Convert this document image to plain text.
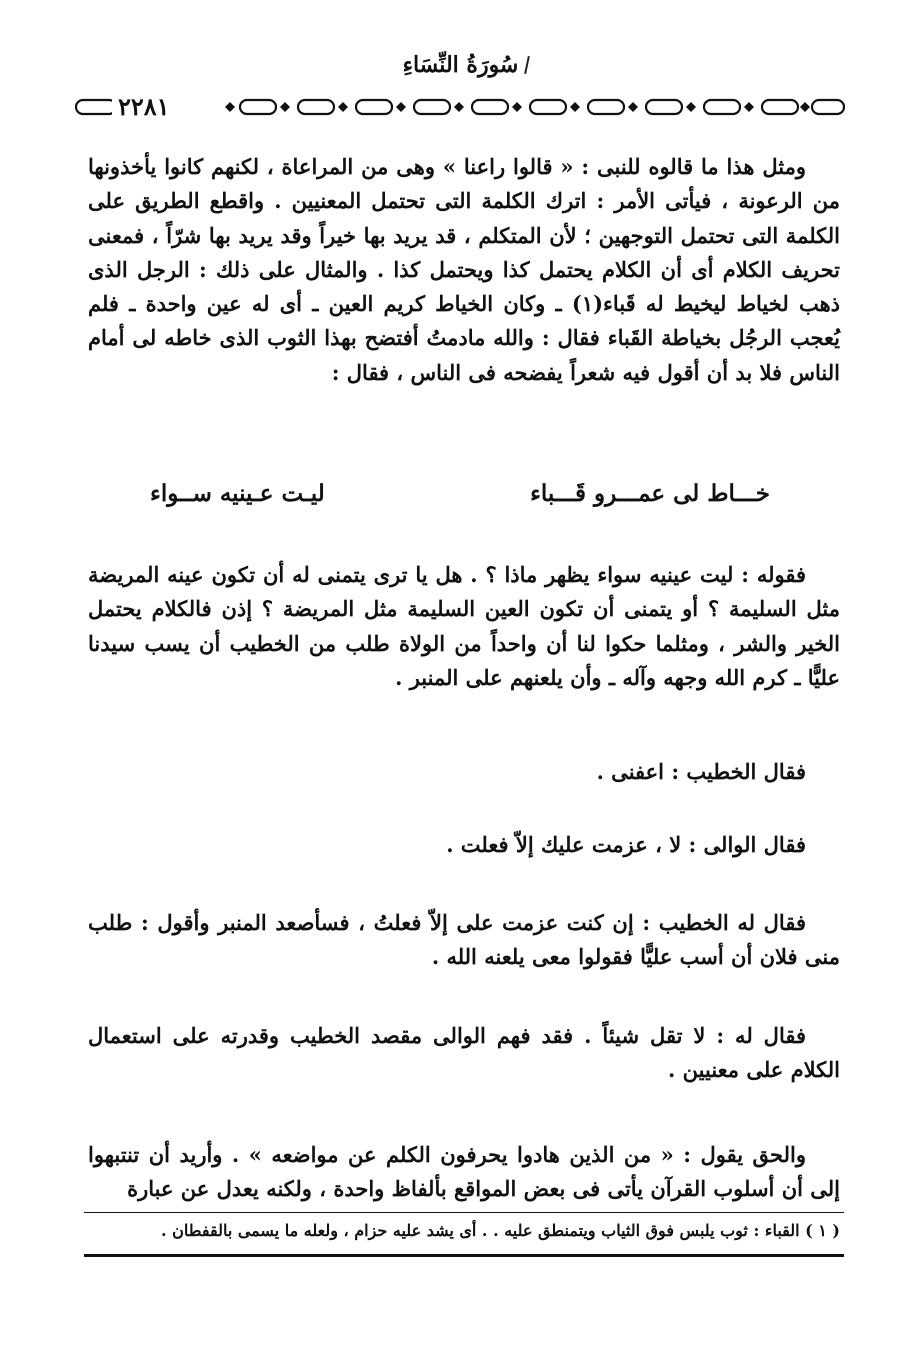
سُورَةُ النِّسَاءِ
٢٢٨١

ومثل هذا ما قالوه للنبى : « قالوا راعنا » وهى من المراعاة ، لكنهم كانوا يأخذونها من الرعونة ، فيأتى الأمر : اترك الكلمة التى تحتمل المعنيين . واقطع الطريق على الكلمة التى تحتمل التوجهين ؛ لأن المتكلم ، قد يريد بها خيراً وقد يريد بها شرّاً ، فمعنى تحريف الكلام أى أن الكلام يحتمل كذا ويحتمل كذا . والمثال على ذلك : الرجل الذى ذهب لخياط ليخيط له قَباء(١) ـ وكان الخياط كريم العين ـ أى له عين واحدة ـ فلم يُعجب الرجُل بخياطة القَباء فقال : والله مادمتُ أفتضح بهذا الثوب الذى خاطه لى أمام الناس فلا بد أن أقول فيه شعراً يفضحه فى الناس ، فقال :

خـــاط لى عمـــرو قَـــباء
ليـت عـينيه ســواء

فقوله : ليت عينيه سواء يظهر ماذا ؟ . هل يا ترى يتمنى له أن تكون عينه المريضة مثل السليمة ؟ أو يتمنى أن تكون العين السليمة مثل المريضة ؟ إذن فالكلام يحتمل الخير والشر ، ومثلما حكوا لنا أن واحداً من الولاة طلب من الخطيب أن يسب سيدنا عليًّا ـ كرم الله وجهه وآله ـ وأن يلعنهم على المنبر .

فقال الخطيب : اعفنى .

فقال الوالى : لا ، عزمت عليك إلاّ فعلت .

فقال له الخطيب : إن كنت عزمت على إلاّ فعلتُ ، فسأصعد المنبر وأقول : طلب منى فلان أن أسب عليًّا فقولوا معى يلعنه الله .

فقال له : لا تقل شيئاً . فقد فهم الوالى مقصد الخطيب وقدرته على استعمال الكلام على معنيين .

والحق يقول : « من الذين هادوا يحرفون الكلم عن مواضعه » . وأريد أن تنتبهوا إلى أن أسلوب القرآن يأتى فى بعض المواقع بألفاظ واحدة ، ولكنه يعدل عن عبارة

( ١ ) القباء : ثوب يلبس فوق الثياب ويتمنطق عليه . . أى يشد عليه حزام ، ولعله ما يسمى بالقفطان .
